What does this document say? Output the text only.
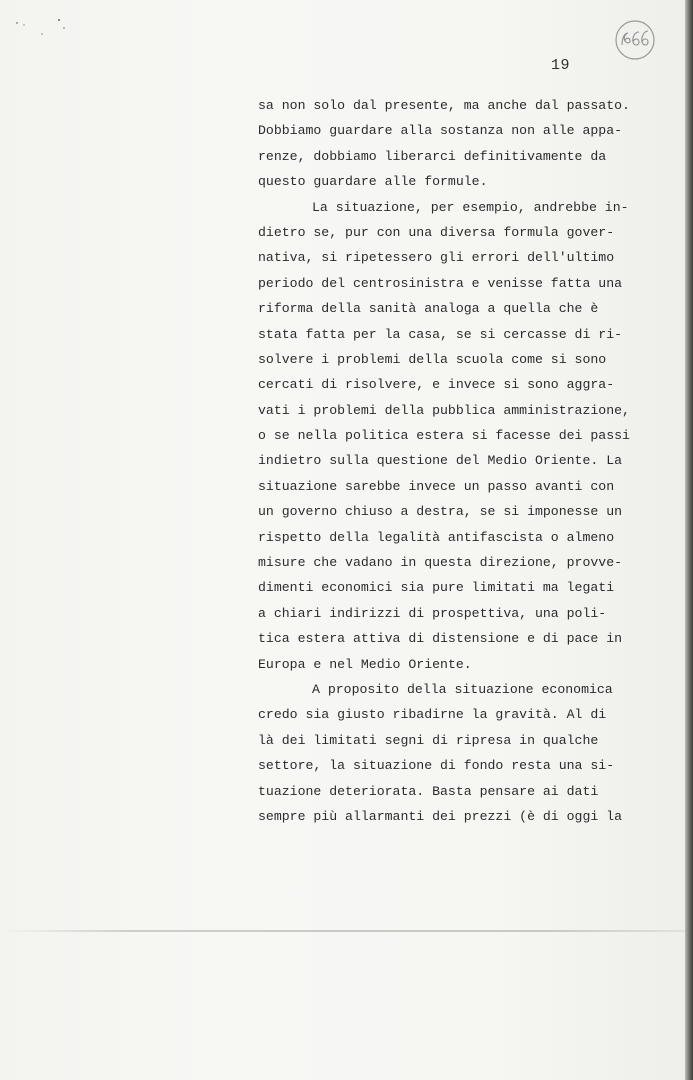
19
sa non solo dal presente, ma anche dal passato.
Dobbiamo guardare alla sostanza non alle appa-
renze, dobbiamo liberarci definitivamente da
questo guardare alle formule.
La situazione, per esempio, andrebbe in-
dietro se, pur con una diversa formula gover-
nativa, si ripetessero gli errori dell'ultimo
periodo del centrosinistra e venisse fatta una
riforma della sanità analoga a quella che è
stata fatta per la casa, se si cercasse di ri-
solvere i problemi della scuola come si sono
cercati di risolvere, e invece si sono aggra-
vati i problemi della pubblica amministrazione,
o se nella politica estera si facesse dei passi
indietro sulla questione del Medio Oriente. La
situazione sarebbe invece un passo avanti con
un governo chiuso a destra, se si imponesse un
rispetto della legalità antifascista o almeno
misure che vadano in questa direzione, provve-
dimenti economici sia pure limitati ma legati
a chiari indirizzi di prospettiva, una poli-
tica estera attiva di distensione e di pace in
Europa e nel Medio Oriente.
A proposito della situazione economica
credo sia giusto ribadirne la gravità. Al di
là dei limitati segni di ripresa in qualche
settore, la situazione di fondo resta una si-
tuazione deteriorata. Basta pensare ai dati
sempre più allarmanti dei prezzi (è di oggi la
